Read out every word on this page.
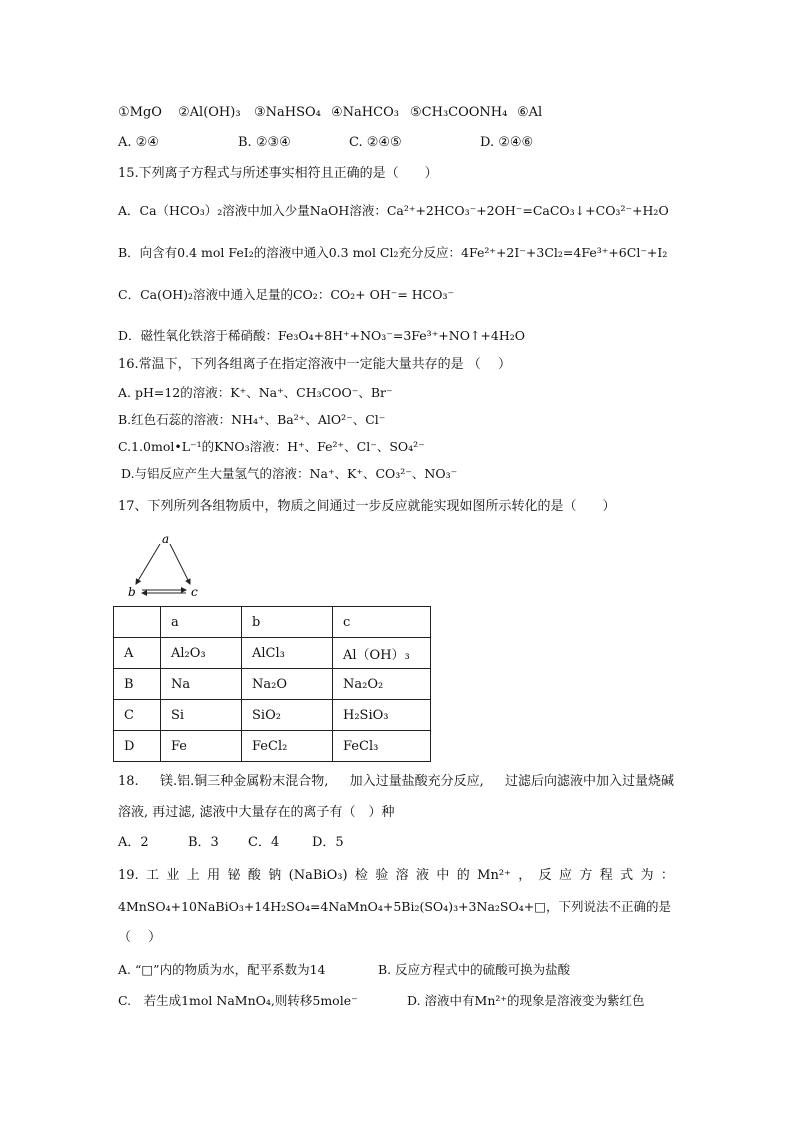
①MgO ②Al(OH)₃ ③NaHSO₄ ④NaHCO₃ ⑤CH₃COONH₄ ⑥Al
A. ②④	B. ②③④	C. ②④⑤	D. ②④⑥
15.下列离子方程式与所述事实相符且正确的是（　　）
A．Ca（HCO₃）₂溶液中加入少量NaOH溶液：Ca²⁺+2HCO₃⁻+2OH⁻=CaCO₃↓+CO₃²⁻+H₂O
B．向含有0.4 mol FeI₂的溶液中通入0.3 mol Cl₂充分反应：4Fe²⁺+2I⁻+3Cl₂=4Fe³⁺+6Cl⁻+I₂
C．Ca(OH)₂溶液中通入足量的CO₂：CO₂+ OH⁻= HCO₃⁻
D．磁性氧化铁溶于稀硝酸：Fe₃O₄+8H⁺+NO₃⁻=3Fe³⁺+NO↑+4H₂O
16.常温下，下列各组离子在指定溶液中一定能大量共存的是 （　 ）
A. pH=12的溶液：K⁺、Na⁺、CH₃COO⁻、Br⁻
B.红色石蕊的溶液：NH₄⁺、Ba²⁺、AlO²⁻、Cl⁻
C.1.0mol•L⁻¹的KNO₃溶液：H⁺、Fe²⁺、Cl⁻、SO₄²⁻
D.与铝反应产生大量氢气的溶液：Na⁺、K⁺、CO₃²⁻、NO₃⁻
17、下列所列各组物质中，物质之间通过一步反应就能实现如图所示转化的是（　　）
a
b	c
	a	b	c
A	Al₂O₃	AlCl₃	Al（OH）₃
B	Na	Na₂O	Na₂O₂
C	Si	SiO₂	H₂SiO₃
D	Fe	FeCl₂	FeCl₃
18. 镁.铝.铜三种金属粉末混合物, 加入过量盐酸充分反应, 过滤后向滤液中加入过量烧碱
溶液, 再过滤, 滤液中大量存在的离子有（　）种
A．2	B．3 C．4	D．5
19. 工 业 上 用 铋 酸 钠 (NaBiO₃) 检 验 溶 液 中 的 Mn²⁺ ， 反 应 方 程 式 为 ：
4MnSO₄+10NaBiO₃+14H₂SO₄=4NaMnO₄+5Bi₂(SO₄)₃+3Na₂SO₄+□，下列说法不正确的是
（　 ）
A. “□”内的物质为水，配平系数为14	B. 反应方程式中的硫酸可换为盐酸
C.　若生成1mol NaMnO₄,则转移5mole⁻	D. 溶液中有Mn²⁺的现象是溶液变为紫红色
